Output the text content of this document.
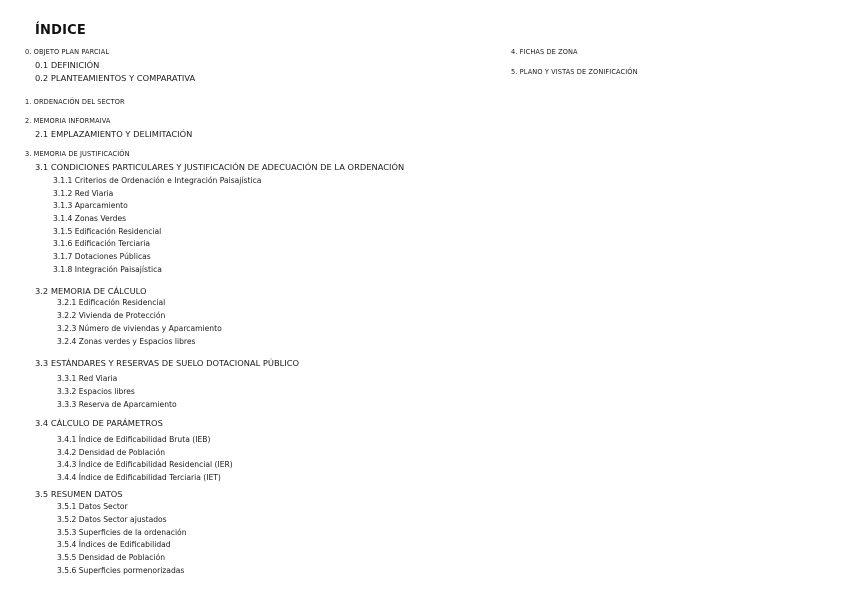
ÍNDICE
0. OBJETO PLAN PARCIAL
0.1 DEFINICIÓN
0.2 PLANTEAMIENTOS Y COMPARATIVA
1. ORDENACIÓN DEL SECTOR
2. MEMORIA INFORMAIVA
2.1 EMPLAZAMIENTO Y DELIMITACIÓN
3. MEMORIA DE JUSTIFICACIÓN
3.1 CONDICIONES PARTICULARES Y JUSTIFICACIÓN DE ADECUACIÓN DE LA ORDENACIÓN
3.1.1 Criterios de Ordenación e Integración Paisajística
3.1.2 Red Viaria
3.1.3 Aparcamiento
3.1.4 Zonas Verdes
3.1.5 Edificación Residencial
3.1.6 Edificación Terciaria
3.1.7 Dotaciones Públicas
3.1.8 Integración Paisajística
3.2 MEMORIA DE CÁLCULO
3.2.1 Edificación Residencial
3.2.2 Vivienda de Protección
3.2.3 Número de viviendas y Aparcamiento
3.2.4 Zonas verdes y Espacios libres
3.3 ESTÁNDARES Y RESERVAS DE SUELO DOTACIONAL PÚBLICO
3.3.1 Red Viaria
3.3.2 Espacios libres
3.3.3 Reserva de Aparcamiento
3.4 CÁLCULO DE PARÁMETROS
3.4.1 Índice de Edificabilidad Bruta (IEB)
3.4.2 Densidad de Población
3.4.3 Índice de Edificabilidad Residencial (IER)
3.4.4 Índice de Edificabilidad Terciaria (IET)
3.5 RESUMEN DATOS
3.5.1 Datos Sector
3.5.2 Datos Sector ajustados
3.5.3 Superficies de la ordenación
3.5.4 Índices de Edificabilidad
3.5.5 Densidad de Población
3.5.6 Superficies pormenorizadas
4. FICHAS DE ZONA
5. PLANO Y VISTAS DE ZONIFICACIÓN
